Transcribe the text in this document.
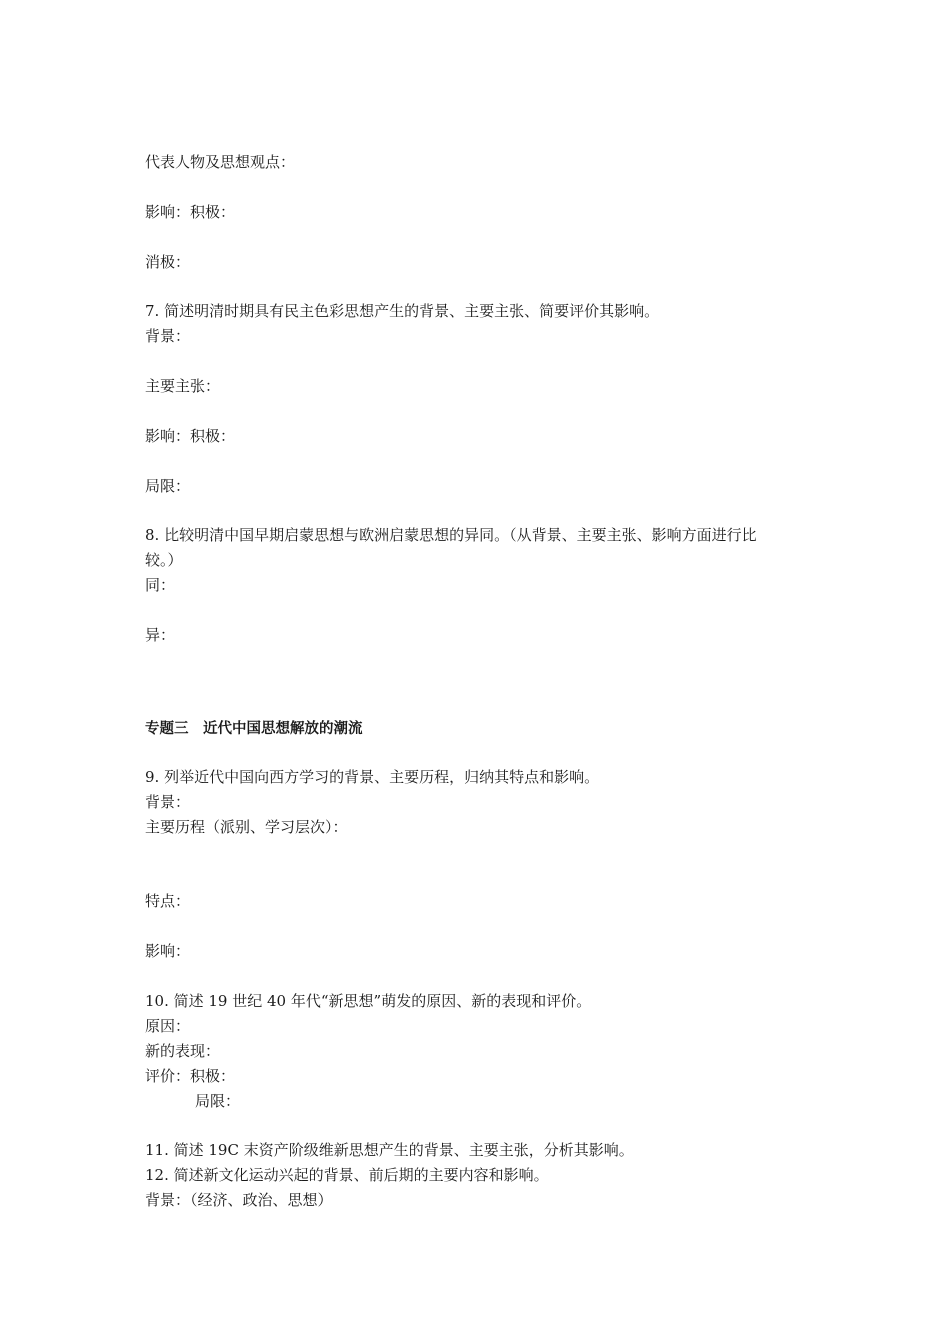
代表人物及思想观点：
影响：积极：
消极：
7. 简述明清时期具有民主色彩思想产生的背景、主要主张、简要评价其影响。
背景：
主要主张：
影响：积极：
局限：
8. 比较明清中国早期启蒙思想与欧洲启蒙思想的异同。（从背景、主要主张、影响方面进行比
较。）
同：
异：
专题三　近代中国思想解放的潮流
9. 列举近代中国向西方学习的背景、主要历程，归纳其特点和影响。
背景：
主要历程（派别、学习层次）：
特点：
影响：
10. 简述 19 世纪 40 年代“新思想”萌发的原因、新的表现和评价。
原因：
新的表现：
评价：积极：
局限：
11. 简述 19C 末资产阶级维新思想产生的背景、主要主张，分析其影响。
12. 简述新文化运动兴起的背景、前后期的主要内容和影响。
背景：（经济、政治、思想）
